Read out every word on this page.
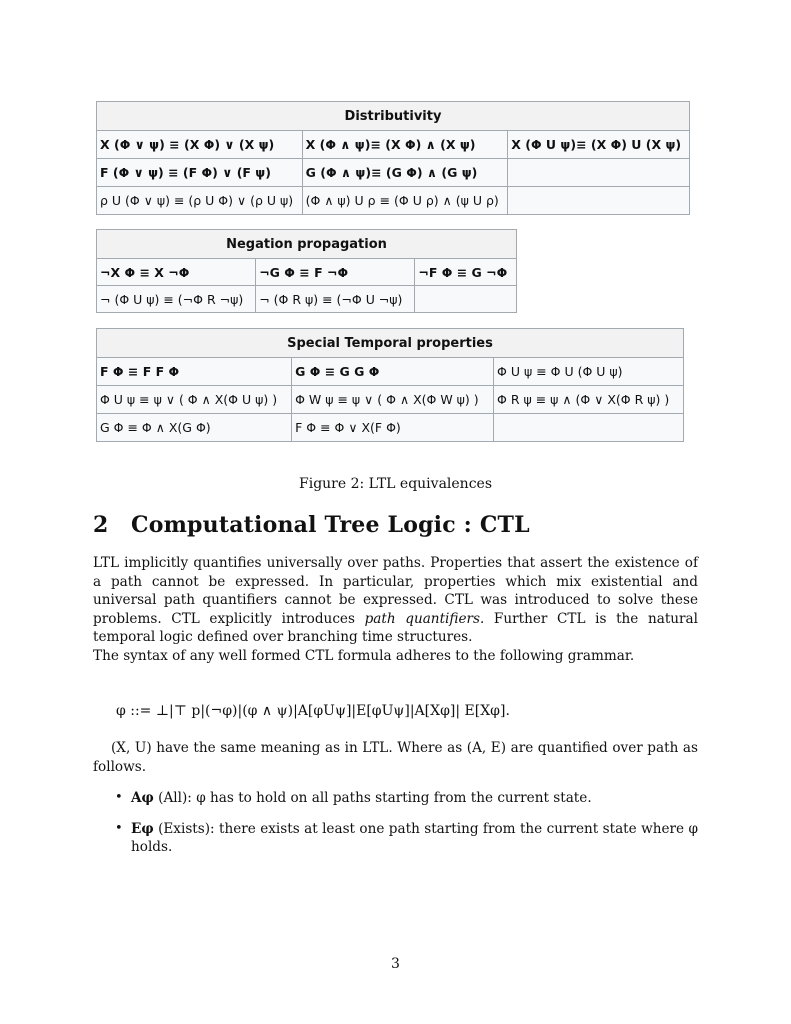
Distributivity		
X (Φ ∨ ψ) ≡ (X Φ) ∨ (X ψ)	X (Φ ∧ ψ)≡ (X Φ) ∧ (X ψ)	X (Φ U ψ)≡ (X Φ) U (X ψ)
F (Φ ∨ ψ) ≡ (F Φ) ∨ (F ψ)	G (Φ ∧ ψ)≡ (G Φ) ∧ (G ψ)	
ρ U (Φ ∨ ψ) ≡ (ρ U Φ) ∨ (ρ U ψ)	(Φ ∧ ψ) U ρ ≡ (Φ U ρ) ∧ (ψ U ρ)	
Negation propagation		
¬X Φ ≡ X ¬Φ	¬G Φ ≡ F ¬Φ	¬F Φ ≡ G ¬Φ
¬ (Φ U ψ) ≡ (¬Φ R ¬ψ)	¬ (Φ R ψ) ≡ (¬Φ U ¬ψ)	
Special Temporal properties		
F Φ ≡ F F Φ	G Φ ≡ G G Φ	Φ U ψ ≡ Φ U (Φ U ψ)
Φ U ψ ≡ ψ ∨ ( Φ ∧ X(Φ U ψ) )	Φ W ψ ≡ ψ ∨ ( Φ ∧ X(Φ W ψ) )	Φ R ψ ≡ ψ ∧ (Φ ∨ X(Φ R ψ) )
G Φ ≡ Φ ∧ X(G Φ)	F Φ ≡ Φ ∨ X(F Φ)	
Figure 2: LTL equivalences
2 Computational Tree Logic : CTL
LTL implicitly quantifies universally over paths. Properties that assert the existence of a path cannot be expressed. In particular, properties which mix existential and universal path quantifiers cannot be expressed. CTL was introduced to solve these problems. CTL explicitly introduces path quantifiers. Further CTL is the natural temporal logic defined over branching time structures.
The syntax of any well formed CTL formula adheres to the following grammar.
φ ::= ⊥|⊤ p|(¬φ)|(φ ∧ ψ)|A[φUψ]|E[φUψ]|A[Xφ]| E[Xφ].
(X, U) have the same meaning as in LTL. Where as (A, E) are quantified over path as follows.
• Aφ (All): φ has to hold on all paths starting from the current state.
• Eφ (Exists): there exists at least one path starting from the current state where φ holds.
3
